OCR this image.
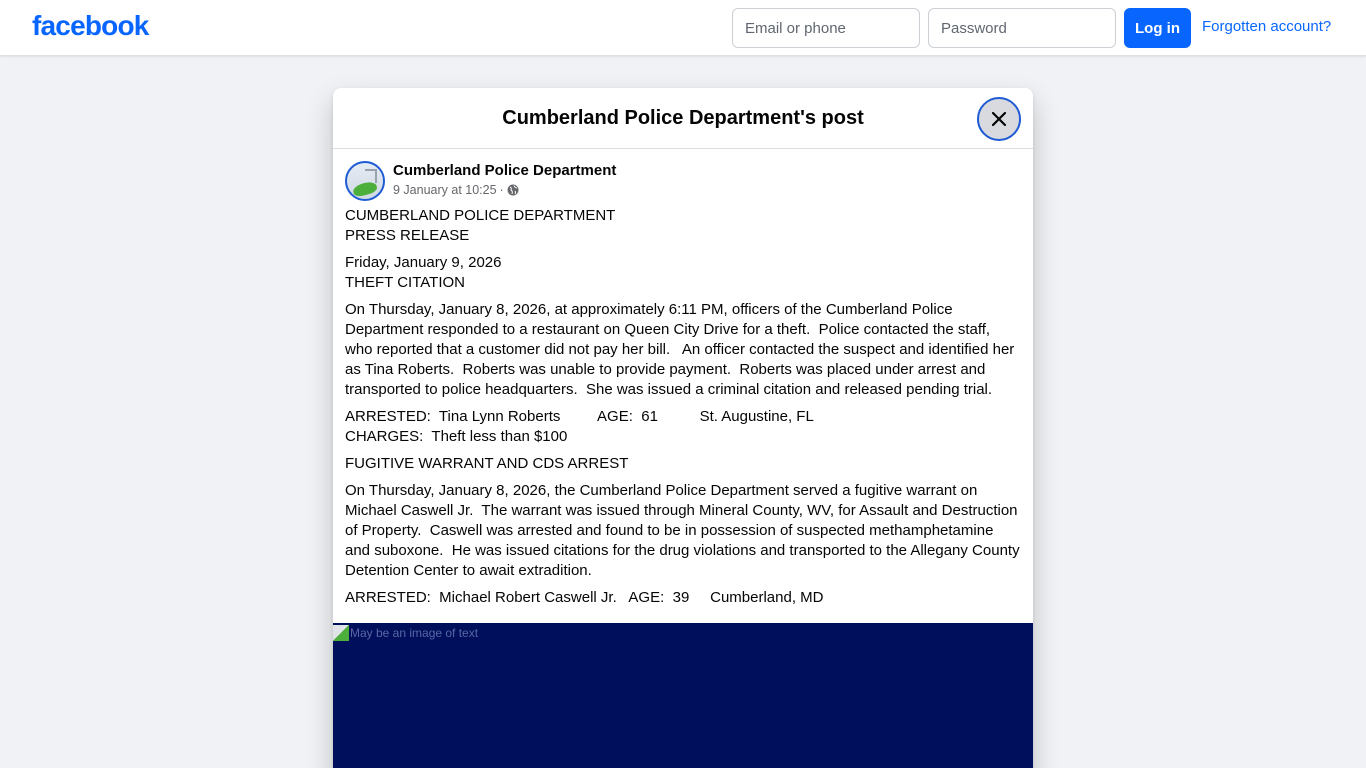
facebook
Email or phone	Log in	Forgotten account?
Cumberland Police Department's post
Cumberland Police Department
9 January at 10:25 ·

CUMBERLAND POLICE DEPARTMENT
PRESS RELEASE

Friday, January 9, 2026
THEFT CITATION

On Thursday, January 8, 2026, at approximately 6:11 PM, officers of the Cumberland Police Department responded to a restaurant on Queen City Drive for a theft.  Police contacted the staff, who reported that a customer did not pay her bill.   An officer contacted the suspect and identified her as Tina Roberts.  Roberts was unable to provide payment.  Roberts was placed under arrest and transported to police headquarters.  She was issued a criminal citation and released pending trial.

ARRESTED:  Tina Lynn Roberts         AGE:  61          St. Augustine, FL
CHARGES:  Theft less than $100

FUGITIVE WARRANT AND CDS ARREST

On Thursday, January 8, 2026, the Cumberland Police Department served a fugitive warrant on Michael Caswell Jr.  The warrant was issued through Mineral County, WV, for Assault and Destruction of Property.  Caswell was arrested and found to be in possession of suspected methamphetamine and suboxone.  He was issued citations for the drug violations and transported to the Allegany County Detention Center to await extradition.

ARRESTED:  Michael Robert Caswell Jr.   AGE:  39     Cumberland, MD

May be an image of text
